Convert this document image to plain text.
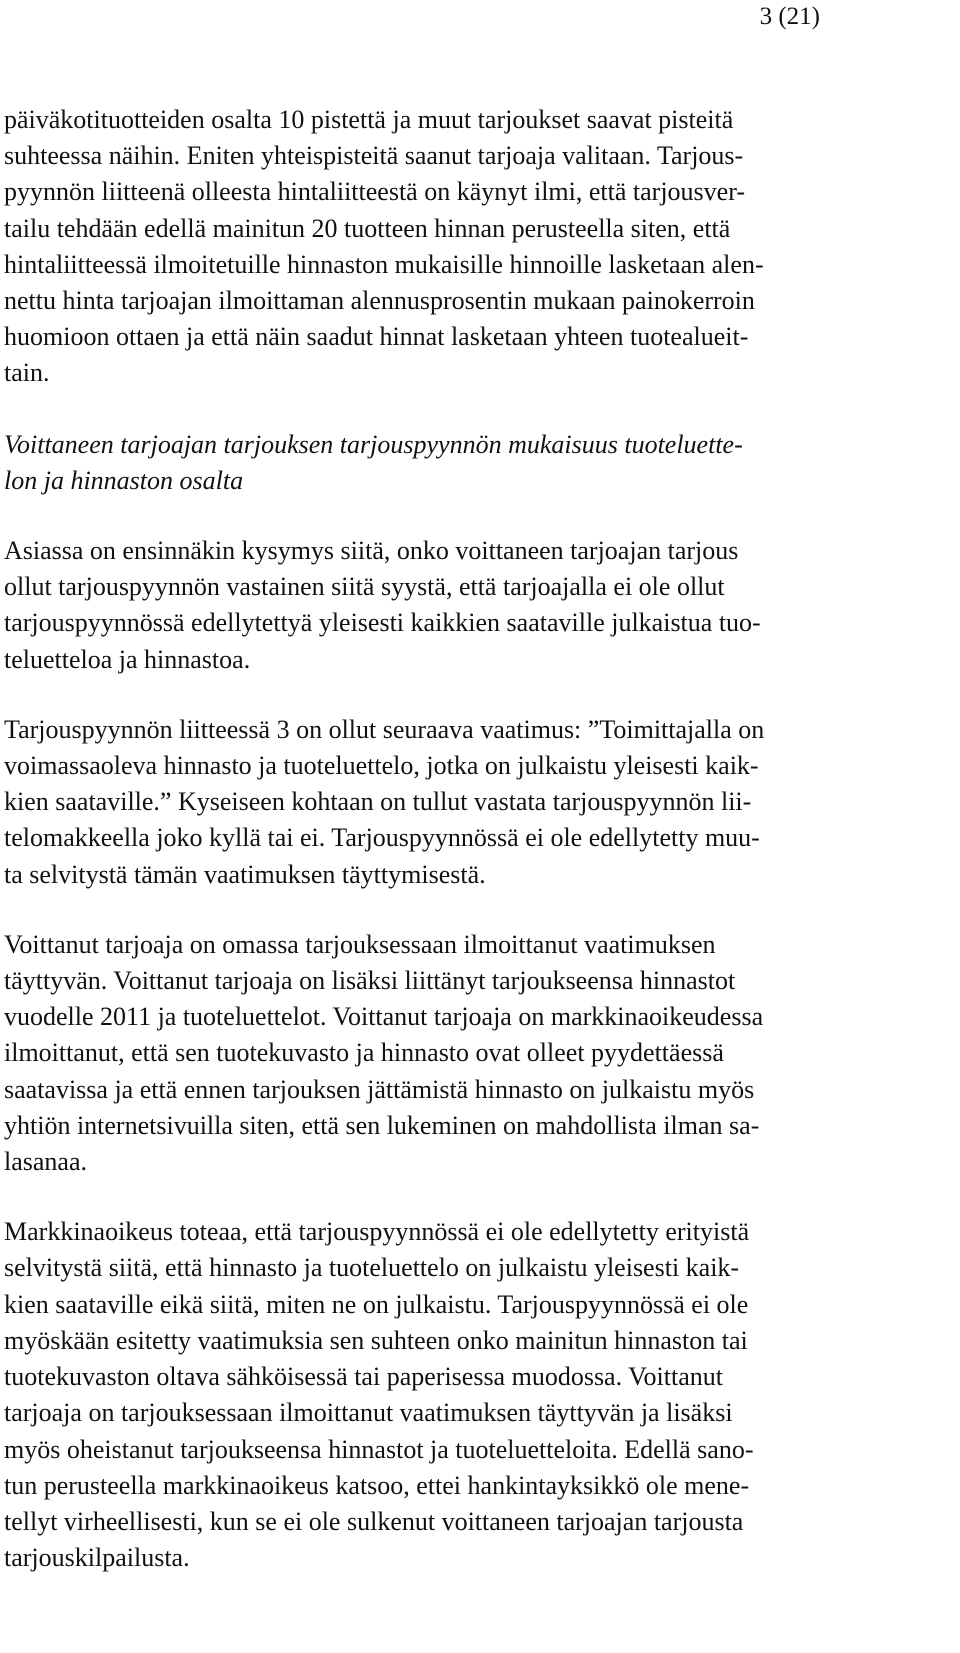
3 (21)

päiväkotituotteiden osalta 10 pistettä ja muut tarjoukset saavat pisteitä
suhteessa näihin. Eniten yhteispisteitä saanut tarjoaja valitaan. Tarjous-
pyynnön liitteenä olleesta hintaliitteestä on käynyt ilmi, että tarjousver-
tailu tehdään edellä mainitun 20 tuotteen hinnan perusteella siten, että
hintaliitteessä ilmoitetuille hinnaston mukaisille hinnoille lasketaan alen-
nettu hinta tarjoajan ilmoittaman alennusprosentin mukaan painokerroin
huomioon ottaen ja että näin saadut hinnat lasketaan yhteen tuotealueit-
tain.

Voittaneen tarjoajan tarjouksen tarjouspyynnön mukaisuus tuoteluette-
lon ja hinnaston osalta

Asiassa on ensinnäkin kysymys siitä, onko voittaneen tarjoajan tarjous
ollut tarjouspyynnön vastainen siitä syystä, että tarjoajalla ei ole ollut
tarjouspyynnössä edellytettyä yleisesti kaikkien saataville julkaistua tuo-
teluetteloa ja hinnastoa.

Tarjouspyynnön liitteessä 3 on ollut seuraava vaatimus: ”Toimittajalla on
voimassaoleva hinnasto ja tuoteluettelo, jotka on julkaistu yleisesti kaik-
kien saataville.” Kyseiseen kohtaan on tullut vastata tarjouspyynnön lii-
telomakkeella joko kyllä tai ei. Tarjouspyynnössä ei ole edellytetty muu-
ta selvitystä tämän vaatimuksen täyttymisestä.

Voittanut tarjoaja on omassa tarjouksessaan ilmoittanut vaatimuksen
täyttyvän. Voittanut tarjoaja on lisäksi liittänyt tarjoukseensa hinnastot
vuodelle 2011 ja tuoteluettelot. Voittanut tarjoaja on markkinaoikeudessa
ilmoittanut, että sen tuotekuvasto ja hinnasto ovat olleet pyydettäessä
saatavissa ja että ennen tarjouksen jättämistä hinnasto on julkaistu myös
yhtiön internetsivuilla siten, että sen lukeminen on mahdollista ilman sa-
lasanaa.

Markkinaoikeus toteaa, että tarjouspyynnössä ei ole edellytetty erityistä
selvitystä siitä, että hinnasto ja tuoteluettelo on julkaistu yleisesti kaik-
kien saataville eikä siitä, miten ne on julkaistu. Tarjouspyynnössä ei ole
myöskään esitetty vaatimuksia sen suhteen onko mainitun hinnaston tai
tuotekuvaston oltava sähköisessä tai paperisessa muodossa. Voittanut
tarjoaja on tarjouksessaan ilmoittanut vaatimuksen täyttyvän ja lisäksi
myös oheistanut tarjoukseensa hinnastot ja tuoteluetteloita. Edellä sano-
tun perusteella markkinaoikeus katsoo, ettei hankintayksikkö ole mene-
tellyt virheellisesti, kun se ei ole sulkenut voittaneen tarjoajan tarjousta
tarjouskilpailusta.
